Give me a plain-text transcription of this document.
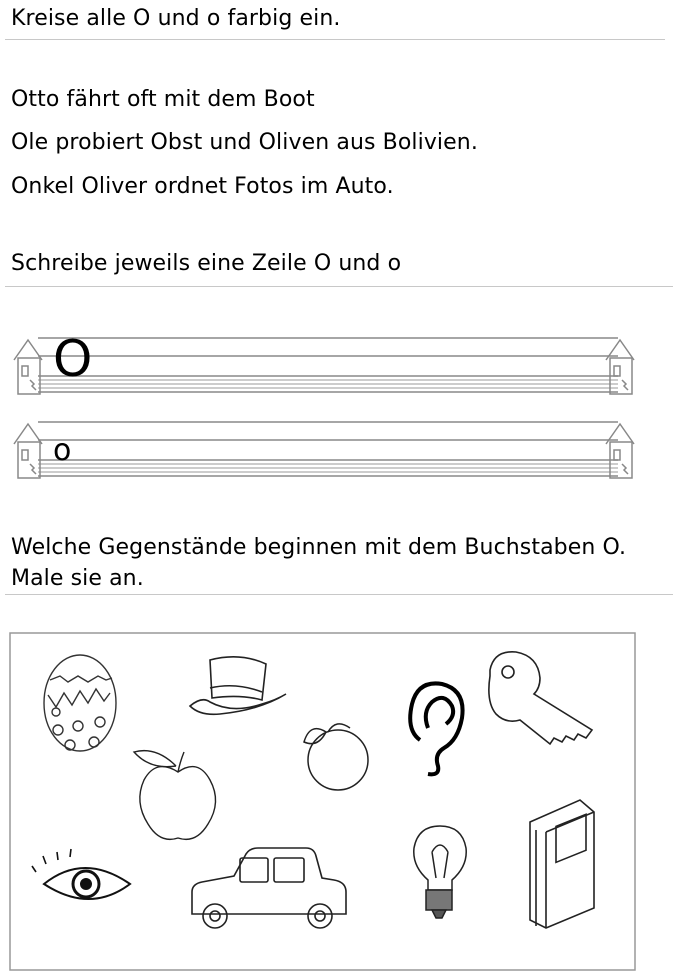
Kreise alle O und o farbig ein.
Otto fährt oft mit dem Boot
Ole probiert Obst und Oliven aus Bolivien.
Onkel Oliver ordnet Fotos im Auto.
Schreibe jeweils eine Zeile O und o
O
o
Welche Gegenstände beginnen mit dem Buchstaben O.
Male sie an.
